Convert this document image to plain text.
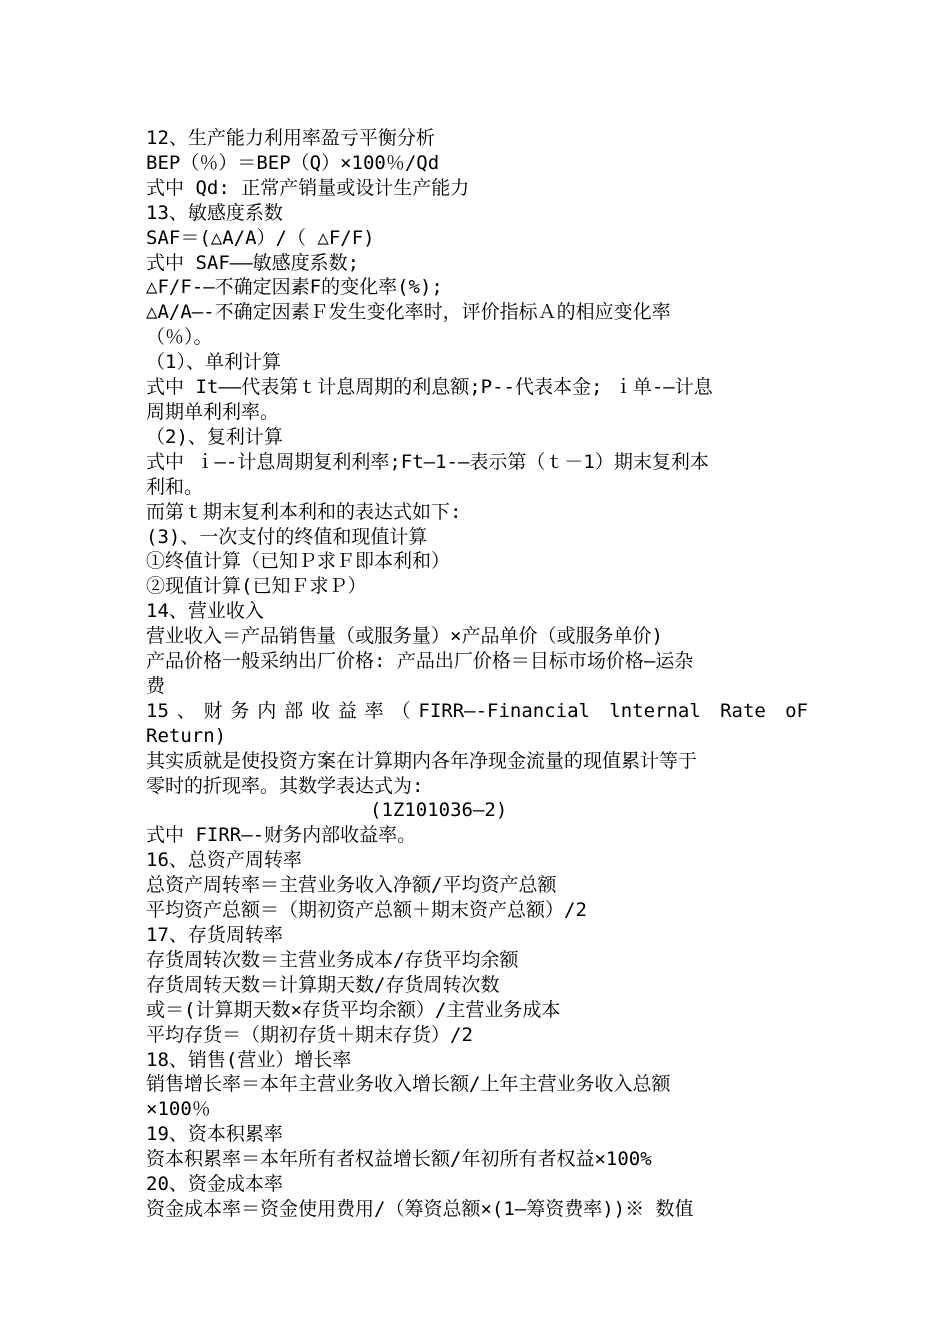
12、生产能力利用率盈亏平衡分析
BEP（％）＝BEP（Q）×100％/Qd
式中 Qd: 正常产销量或设计生产能力
13、敏感度系数
SAF＝(△A/A）/（ △F/F)
式中 SAF——敏感度系数;
△F/F-—不确定因素F的变化率(%);
△A/A—-不确定因素Ｆ发生变化率时，评价指标Ａ的相应变化率
（％）。
（1）、单利计算
式中 It——代表第ｔ计息周期的利息额;P--代表本金; ｉ单-—计息
周期单利利率。
（2)、复利计算
式中 ｉ—-计息周期复利利率;Ft—1-—表示第（ｔ－1）期末复利本
利和。
而第ｔ期末复利本利和的表达式如下:
(3)、一次支付的终值和现值计算
①终值计算（已知Ｐ求Ｆ即本利和）
②现值计算(已知Ｆ求Ｐ）
14、营业收入
营业收入＝产品销售量（或服务量）×产品单价（或服务单价)
产品价格一般采纳出厂价格: 产品出厂价格＝目标市场价格—运杂
费
15、财务内部收益率（FIRR—-Financial lnternal Rate oF
Return)
其实质就是使投资方案在计算期内各年净现金流量的现值累计等于
零时的折现率。其数学表达式为:
(1Z101036—2)
式中 FIRR—-财务内部收益率。
16、总资产周转率
总资产周转率＝主营业务收入净额/平均资产总额
平均资产总额＝（期初资产总额＋期末资产总额）/2
17、存货周转率
存货周转次数＝主营业务成本/存货平均余额
存货周转天数＝计算期天数/存货周转次数
或＝(计算期天数×存货平均余额）/主营业务成本
平均存货＝（期初存货＋期末存货）/2
18、销售(营业）增长率
销售增长率＝本年主营业务收入增长额/上年主营业务收入总额
×100％
19、资本积累率
资本积累率＝本年所有者权益增长额/年初所有者权益×100%
20、资金成本率
资金成本率＝资金使用费用/（筹资总额×(1—筹资费率))※ 数值
